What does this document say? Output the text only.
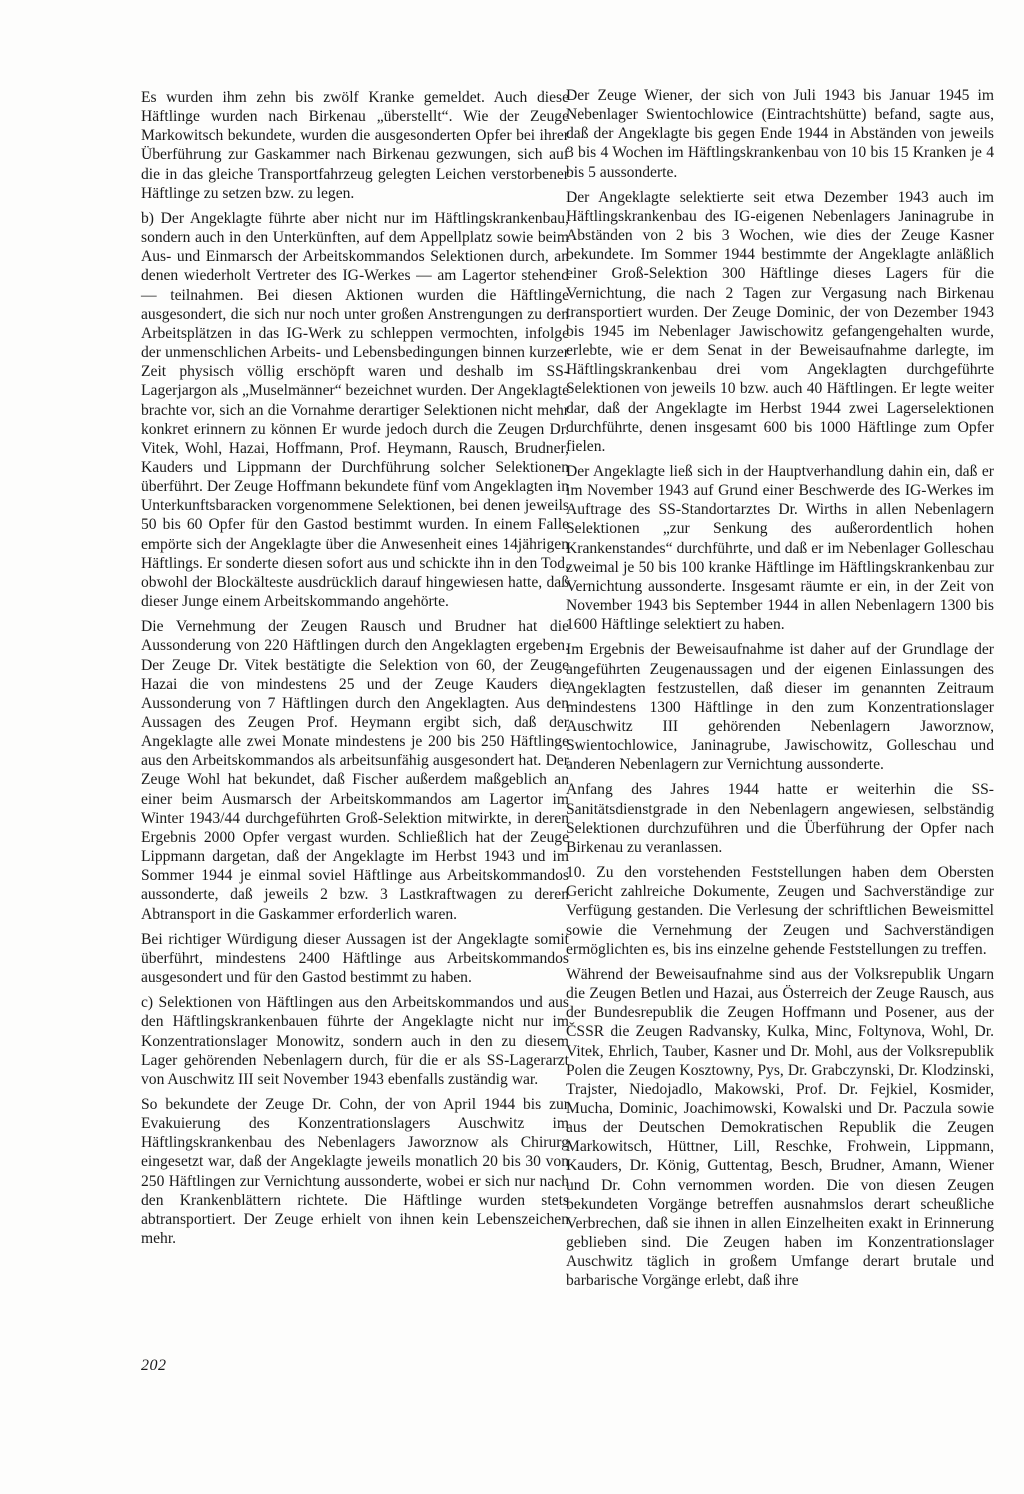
Es wurden ihm zehn bis zwölf Kranke gemeldet. Auch diese Häftlinge wurden nach Birkenau „überstellt“. Wie der Zeuge Markowitsch bekundete, wurden die ausgesonderten Opfer bei ihrer Überführung zur Gaskammer nach Birkenau gezwungen, sich auf die in das gleiche Transportfahrzeug gelegten Leichen verstorbener Häftlinge zu setzen bzw. zu legen.

b) Der Angeklagte führte aber nicht nur im Häftlingskrankenbau, sondern auch in den Unterkünften, auf dem Appellplatz sowie beim Aus- und Einmarsch der Arbeitskommandos Selektionen durch, an denen wiederholt Vertreter des IG-Werkes — am Lagertor stehend — teilnahmen. Bei diesen Aktionen wurden die Häftlinge ausgesondert, die sich nur noch unter großen Anstrengungen zu den Arbeitsplätzen in das IG-Werk zu schleppen vermochten, infolge der unmenschlichen Arbeits- und Lebensbedingungen binnen kurzer Zeit physisch völlig erschöpft waren und deshalb im SS-Lagerjargon als „Muselmänner“ bezeichnet wurden. Der Angeklagte brachte vor, sich an die Vornahme derartiger Selektionen nicht mehr konkret erinnern zu können Er wurde jedoch durch die Zeugen Dr. Vitek, Wohl, Hazai, Hoffmann, Prof. Heymann, Rausch, Brudner, Kauders und Lippmann der Durchführung solcher Selektionen überführt. Der Zeuge Hoffmann bekundete fünf vom Angeklagten in Unterkunftsbaracken vorgenommene Selektionen, bei denen jeweils 50 bis 60 Opfer für den Gastod bestimmt wurden. In einem Falle empörte sich der Angeklagte über die Anwesenheit eines 14jährigen Häftlings. Er sonderte diesen sofort aus und schickte ihn in den Tod, obwohl der Blockälteste ausdrücklich darauf hingewiesen hatte, daß dieser Junge einem Arbeitskommando angehörte.

Die Vernehmung der Zeugen Rausch und Brudner hat die Aussonderung von 220 Häftlingen durch den Angeklagten ergeben. Der Zeuge Dr. Vitek bestätigte die Selektion von 60, der Zeuge Hazai die von mindestens 25 und der Zeuge Kauders die Aussonderung von 7 Häftlingen durch den Angeklagten. Aus den Aussagen des Zeugen Prof. Heymann ergibt sich, daß der Angeklagte alle zwei Monate mindestens je 200 bis 250 Häftlinge aus den Arbeitskommandos als arbeitsunfähig ausgesondert hat. Der Zeuge Wohl hat bekundet, daß Fischer außerdem maßgeblich an einer beim Ausmarsch der Arbeitskommandos am Lagertor im Winter 1943/44 durchgeführten Groß-Selektion mitwirkte, in deren Ergebnis 2000 Opfer vergast wurden. Schließlich hat der Zeuge Lippmann dargetan, daß der Angeklagte im Herbst 1943 und im Sommer 1944 je einmal soviel Häftlinge aus Arbeitskommandos aussonderte, daß jeweils 2 bzw. 3 Lastkraftwagen zu deren Abtransport in die Gaskammer erforderlich waren.

Bei richtiger Würdigung dieser Aussagen ist der Angeklagte somit überführt, mindestens 2400 Häftlinge aus Arbeitskommandos ausgesondert und für den Gastod bestimmt zu haben.

c) Selektionen von Häftlingen aus den Arbeitskommandos und aus den Häftlingskrankenbauen führte der Angeklagte nicht nur im Konzentrationslager Monowitz, sondern auch in den zu diesem Lager gehörenden Nebenlagern durch, für die er als SS-Lagerarzt von Auschwitz III seit November 1943 ebenfalls zuständig war.

So bekundete der Zeuge Dr. Cohn, der von April 1944 bis zur Evakuierung des Konzentrationslagers Auschwitz im Häftlingskrankenbau des Nebenlagers Jaworznow als Chirurg eingesetzt war, daß der Angeklagte jeweils monatlich 20 bis 30 von 250 Häftlingen zur Vernichtung aussonderte, wobei er sich nur nach den Krankenblättern richtete. Die Häftlinge wurden stets abtransportiert. Der Zeuge erhielt von ihnen kein Lebenszeichen mehr.

Der Zeuge Wiener, der sich von Juli 1943 bis Januar 1945 im Nebenlager Swientochlowice (Eintrachtshütte) befand, sagte aus, daß der Angeklagte bis gegen Ende 1944 in Abständen von jeweils 3 bis 4 Wochen im Häftlingskrankenbau von 10 bis 15 Kranken je 4 bis 5 aussonderte.

Der Angeklagte selektierte seit etwa Dezember 1943 auch im Häftlingskrankenbau des IG-eigenen Nebenlagers Janinagrube in Abständen von 2 bis 3 Wochen, wie dies der Zeuge Kasner bekundete. Im Sommer 1944 bestimmte der Angeklagte anläßlich einer Groß-Selektion 300 Häftlinge dieses Lagers für die Vernichtung, die nach 2 Tagen zur Vergasung nach Birkenau transportiert wurden. Der Zeuge Dominic, der von Dezember 1943 bis 1945 im Nebenlager Jawischowitz gefangengehalten wurde, erlebte, wie er dem Senat in der Beweisaufnahme darlegte, im Häftlingskrankenbau drei vom Angeklagten durchgeführte Selektionen von jeweils 10 bzw. auch 40 Häftlingen. Er legte weiter dar, daß der Angeklagte im Herbst 1944 zwei Lagerselektionen durchführte, denen insgesamt 600 bis 1000 Häftlinge zum Opfer fielen.

Der Angeklagte ließ sich in der Hauptverhandlung dahin ein, daß er im November 1943 auf Grund einer Beschwerde des IG-Werkes im Auftrage des SS-Standortarztes Dr. Wirths in allen Nebenlagern Selektionen „zur Senkung des außerordentlich hohen Krankenstandes“ durchführte, und daß er im Nebenlager Golleschau zweimal je 50 bis 100 kranke Häftlinge im Häftlingskrankenbau zur Vernichtung aussonderte. Insgesamt räumte er ein, in der Zeit von November 1943 bis September 1944 in allen Nebenlagern 1300 bis 1600 Häftlinge selektiert zu haben.

Im Ergebnis der Beweisaufnahme ist daher auf der Grundlage der angeführten Zeugenaussagen und der eigenen Einlassungen des Angeklagten festzustellen, daß dieser im genannten Zeitraum mindestens 1300 Häftlinge in den zum Konzentrationslager Auschwitz III gehörenden Nebenlagern Jaworznow, Swientochlowice, Janinagrube, Jawischowitz, Golleschau und anderen Nebenlagern zur Vernichtung aussonderte.

Anfang des Jahres 1944 hatte er weiterhin die SS-Sanitätsdienstgrade in den Nebenlagern angewiesen, selbständig Selektionen durchzuführen und die Überführung der Opfer nach Birkenau zu veranlassen.

10. Zu den vorstehenden Feststellungen haben dem Obersten Gericht zahlreiche Dokumente, Zeugen und Sachverständige zur Verfügung gestanden. Die Verlesung der schriftlichen Beweismittel sowie die Vernehmung der Zeugen und Sachverständigen ermöglichten es, bis ins einzelne gehende Feststellungen zu treffen.

Während der Beweisaufnahme sind aus der Volksrepublik Ungarn die Zeugen Betlen und Hazai, aus Österreich der Zeuge Rausch, aus der Bundesrepublik die Zeugen Hoffmann und Posener, aus der ČSSR die Zeugen Radvansky, Kulka, Minc, Foltynova, Wohl, Dr. Vitek, Ehrlich, Tauber, Kasner und Dr. Mohl, aus der Volksrepublik Polen die Zeugen Kosztowny, Pys, Dr. Grabczynski, Dr. Klodzinski, Trajster, Niedojadlo, Makowski, Prof. Dr. Fejkiel, Kosmider, Mucha, Dominic, Joachimowski, Kowalski und Dr. Paczula sowie aus der Deutschen Demokratischen Republik die Zeugen Markowitsch, Hüttner, Lill, Reschke, Frohwein, Lippmann, Kauders, Dr. König, Guttentag, Besch, Brudner, Amann, Wiener und Dr. Cohn vernommen worden. Die von diesen Zeugen bekundeten Vorgänge betreffen ausnahmslos derart scheußliche Verbrechen, daß sie ihnen in allen Einzelheiten exakt in Erinnerung geblieben sind. Die Zeugen haben im Konzentrationslager Auschwitz täglich in großem Umfange derart brutale und barbarische Vorgänge erlebt, daß ihre

202
